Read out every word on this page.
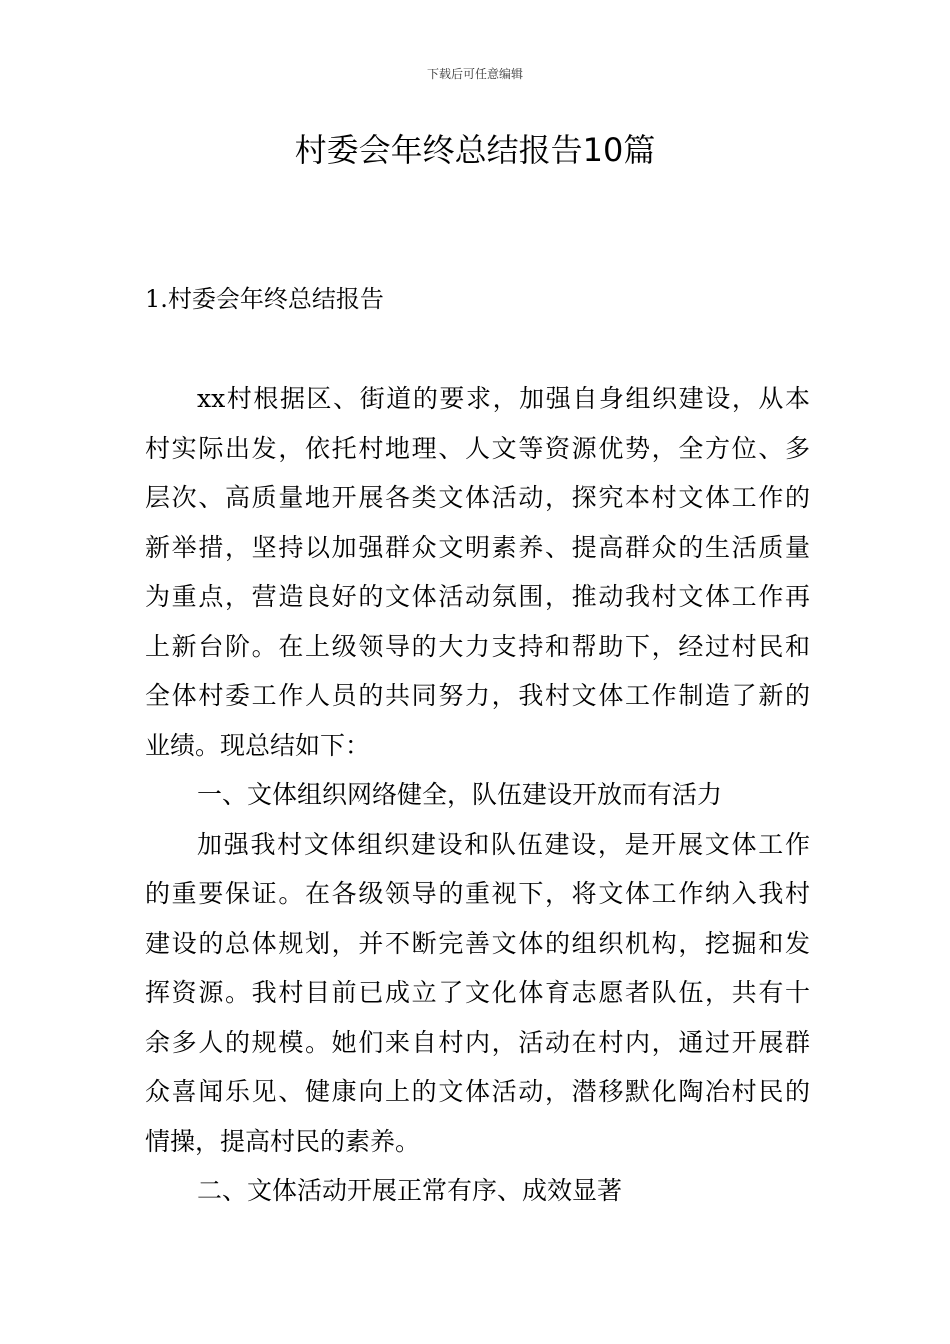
下载后可任意编辑
村委会年终总结报告10篇
1.村委会年终总结报告
xx村根据区、街道的要求，加强自身组织建设，从本
村实际出发，依托村地理、人文等资源优势，全方位、多
层次、高质量地开展各类文体活动，探究本村文体工作的
新举措，坚持以加强群众文明素养、提高群众的生活质量
为重点，营造良好的文体活动氛围，推动我村文体工作再
上新台阶。在上级领导的大力支持和帮助下，经过村民和
全体村委工作人员的共同努力，我村文体工作制造了新的
业绩。现总结如下：
一、文体组织网络健全，队伍建设开放而有活力
加强我村文体组织建设和队伍建设，是开展文体工作
的重要保证。在各级领导的重视下，将文体工作纳入我村
建设的总体规划，并不断完善文体的组织机构，挖掘和发
挥资源。我村目前已成立了文化体育志愿者队伍，共有十
余多人的规模。她们来自村内，活动在村内，通过开展群
众喜闻乐见、健康向上的文体活动，潜移默化陶冶村民的
情操，提高村民的素养。
二、文体活动开展正常有序、成效显著
